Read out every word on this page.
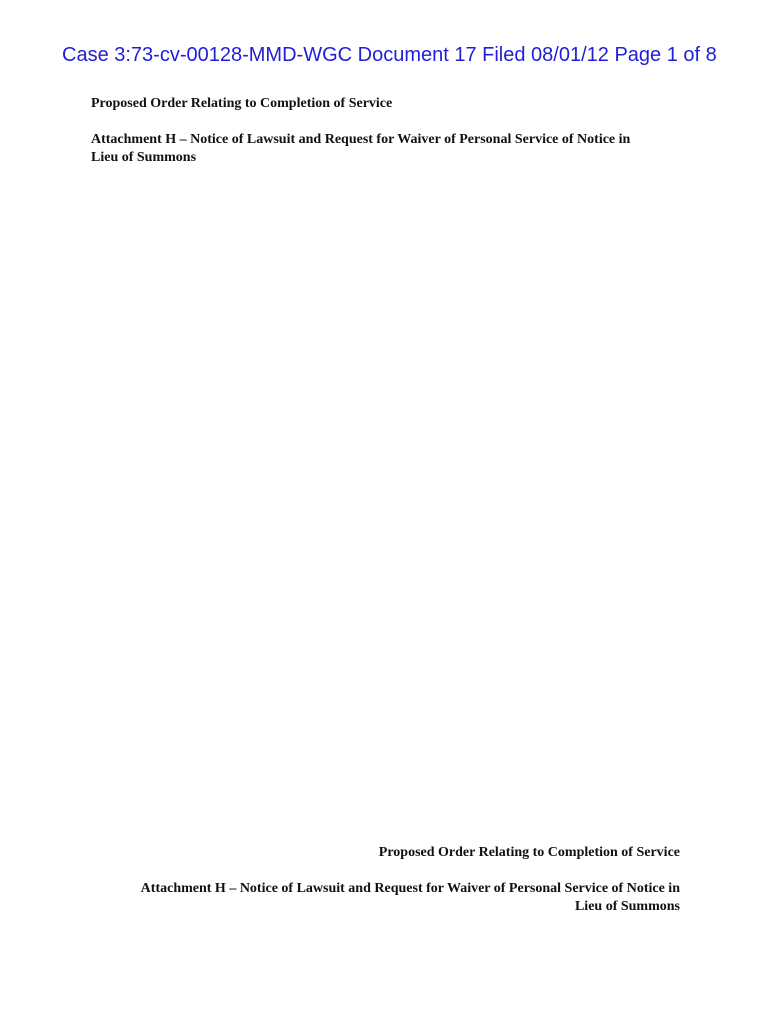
Case 3:73-cv-00128-MMD-WGC Document 17 Filed 08/01/12 Page 1 of 8
Proposed Order Relating to Completion of Service
Attachment H – Notice of Lawsuit and Request for Waiver of Personal Service of Notice in
Lieu of Summons
Proposed Order Relating to Completion of Service
Attachment H – Notice of Lawsuit and Request for Waiver of Personal Service of Notice in
Lieu of Summons
